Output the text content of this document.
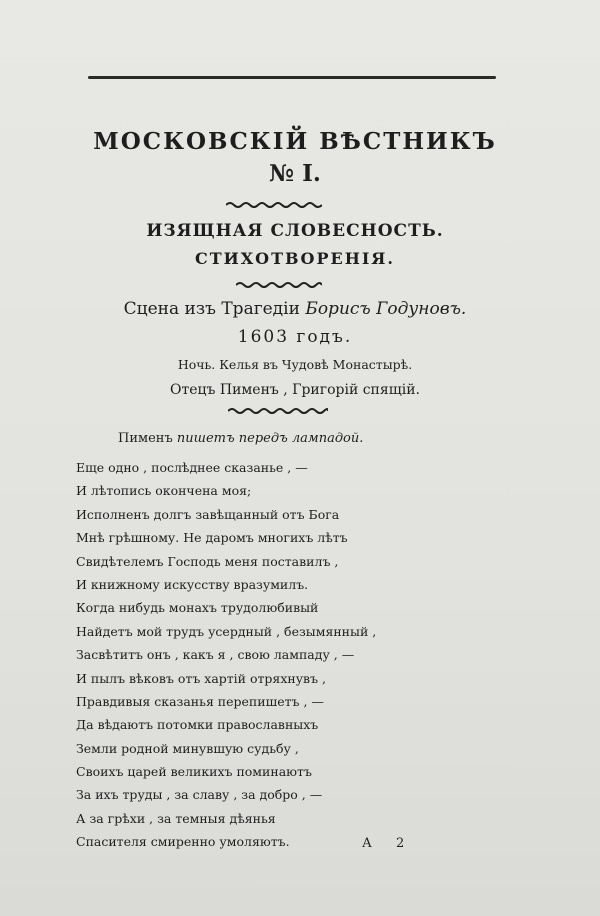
МОСКОВСКІЙ ВѢСТНИКЪ
№ I.
ИЗЯЩНАЯ СЛОВЕСНОСТЬ.
СТИХОТВОРЕНІЯ.
Сцена изъ Трагедіи Борисъ Годуновъ.
1603 годъ.
Ночь. Келья въ Чудовѣ Монастырѣ.
Отецъ Пименъ , Григорій спящій.
Пименъ пишетъ передъ лампадой.
Еще одно , послѣднее сказанье , —
И лѣтопись окончена моя;
Исполненъ долгъ завѣщанный отъ Бога
Мнѣ грѣшному. Не даромъ многихъ лѣтъ
Свидѣтелемъ Господь меня поставилъ ,
И книжному искусству вразумилъ.
Когда нибудь монахъ трудолюбивый
Найдетъ мой трудъ усердный , безымянный ,
Засвѣтитъ онъ , какъ я , свою лампаду , —
И пылъ вѣковъ отъ хартій отряхнувъ ,
Правдивыя сказанья перепишетъ , —
Да вѣдаютъ потомки православныхъ
Земли родной минувшую судьбу ,
Своихъ царей великихъ поминаютъ
За ихъ труды , за славу , за добро , —
А за грѣхи , за темныя дѣянья
Спасителя смиренно умоляютъ.	А 2
